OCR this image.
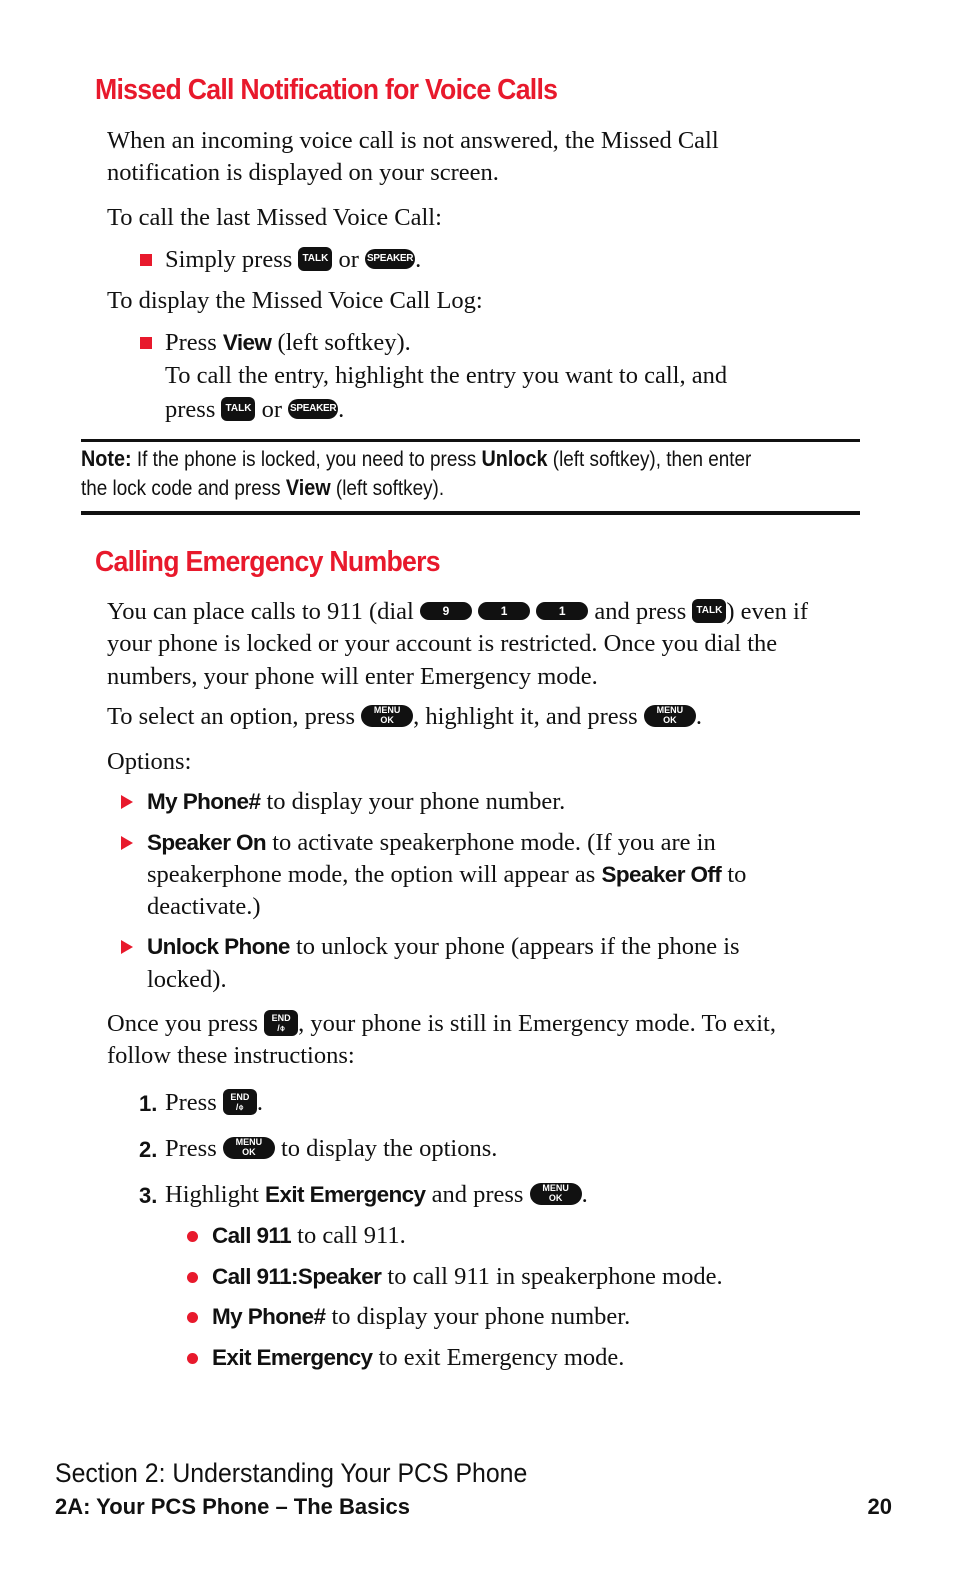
Missed Call Notification for Voice Calls

When an incoming voice call is not answered, the Missed Call

notification is displayed on your screen.

To call the last Missed Voice Call:

Simply press TALK or SPEAKER.

To display the Missed Voice Call Log:

Press View (left softkey).

To call the entry, highlight the entry you want to call, and

press TALK or SPEAKER.

Note: If the phone is locked, you need to press Unlock (left softkey), then enter

the lock code and press View (left softkey).

Calling Emergency Numbers

You can place calls to 911 (dial 9	1	1 and press TALK ) even if

your phone is locked or your account is restricted. Once you dial the

numbers, your phone will enter Emergency mode.

To select an option, press MENU
OK , highlight it, and press MENU
OK .

Options:

My Phone# to display your phone number.

Speaker On to activate speakerphone mode. (If you are in

speakerphone mode, the option will appear as Speaker Off to

deactivate.)

Unlock Phone to unlock your phone (appears if the phone is

locked).

Once you press END
/⌽ , your phone is still in Emergency mode. To exit,

follow these instructions:

1. Press END
/⌽ .

2. Press MENU
OK to display the options.

3. Highlight Exit Emergency and press MENU
OK .

Call 911 to call 911.

Call 911:Speaker to call 911 in speakerphone mode.

My Phone# to display your phone number.

Exit Emergency to exit Emergency mode.

Section 2: Understanding Your PCS Phone

2A: Your PCS Phone – The Basics	20
